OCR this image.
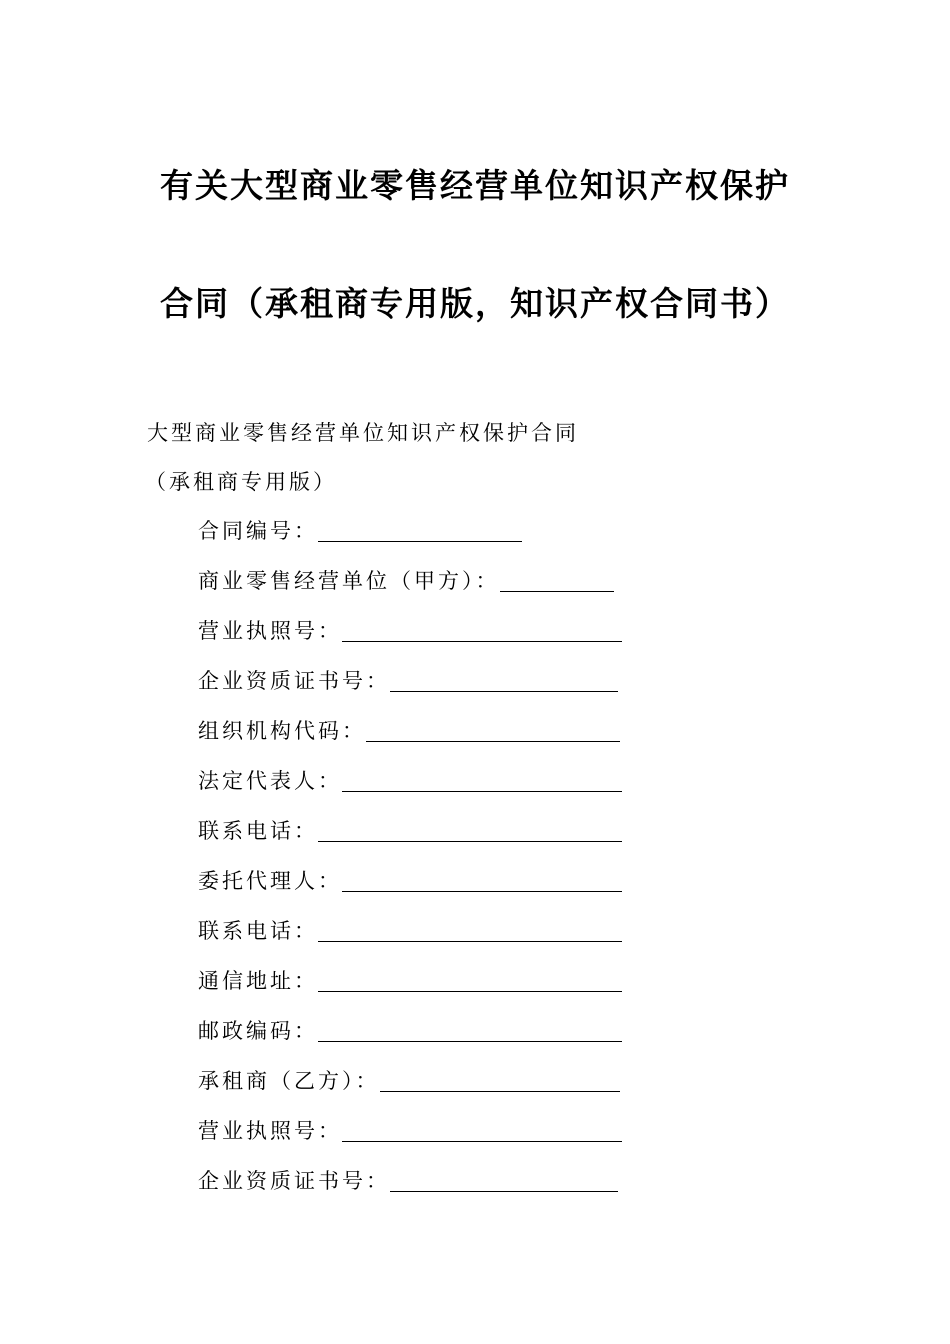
有关大型商业零售经营单位知识产权保护
合同（承租商专用版，知识产权合同书）
大型商业零售经营单位知识产权保护合同
（承租商专用版）
合同编号：
商业零售经营单位（甲方）：
营业执照号：
企业资质证书号：
组织机构代码：
法定代表人：
联系电话：
委托代理人：
联系电话：
通信地址：
邮政编码：
承租商（乙方）：
营业执照号：
企业资质证书号：
